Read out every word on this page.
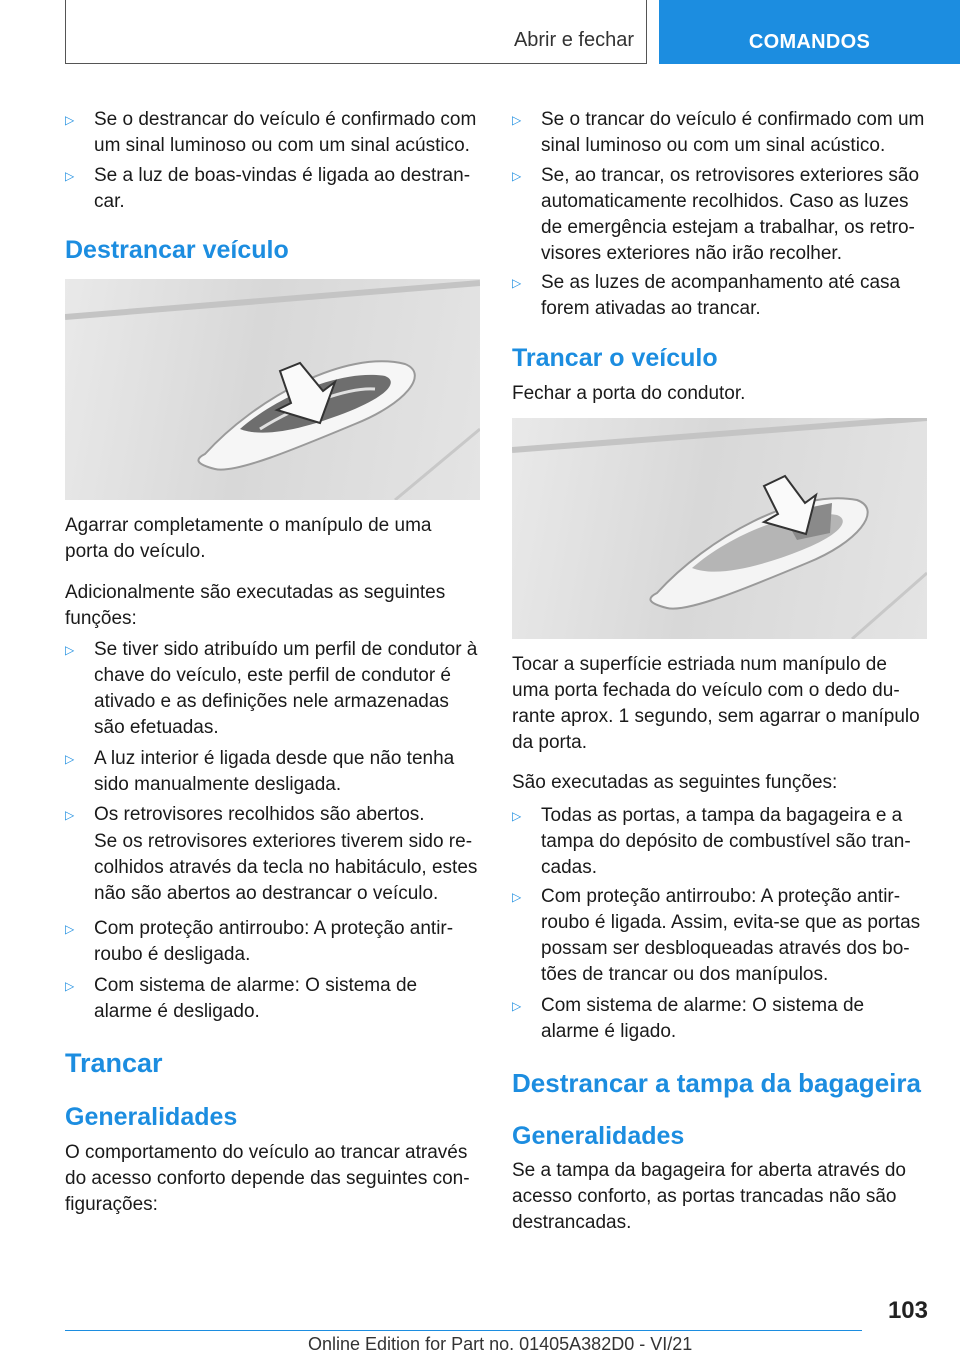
Abrir e fechar	COMANDOS
▷ Se o destrancar do veículo é confirmado com um sinal luminoso ou com um sinal acústico.
▷ Se a luz de boas-vindas é ligada ao destrancar.
Destrancar veículo
Agarrar completamente o manípulo de uma porta do veículo.
Adicionalmente são executadas as seguintes funções:
▷ Se tiver sido atribuído um perfil de condutor à chave do veículo, este perfil de condutor é ativado e as definições nele armazenadas são efetuadas.
▷ A luz interior é ligada desde que não tenha sido manualmente desligada.
▷ Os retrovisores recolhidos são abertos.
Se os retrovisores exteriores tiverem sido recolhidos através da tecla no habitáculo, estes não são abertos ao destrancar o veículo.
▷ Com proteção antirroubo: A proteção antirroubo é desligada.
▷ Com sistema de alarme: O sistema de alarme é desligado.
Trancar
Generalidades
O comportamento do veículo ao trancar através do acesso conforto depende das seguintes configurações:
▷ Se o trancar do veículo é confirmado com um sinal luminoso ou com um sinal acústico.
▷ Se, ao trancar, os retrovisores exteriores são automaticamente recolhidos. Caso as luzes de emergência estejam a trabalhar, os retrovisores exteriores não irão recolher.
▷ Se as luzes de acompanhamento até casa forem ativadas ao trancar.
Trancar o veículo
Fechar a porta do condutor.
Tocar a superfície estriada num manípulo de uma porta fechada do veículo com o dedo durante aprox. 1 segundo, sem agarrar o manípulo da porta.
São executadas as seguintes funções:
▷ Todas as portas, a tampa da bagageira e a tampa do depósito de combustível são trancadas.
▷ Com proteção antirroubo: A proteção antirroubo é ligada. Assim, evita-se que as portas possam ser desbloqueadas através dos botões de trancar ou dos manípulos.
▷ Com sistema de alarme: O sistema de alarme é ligado.
Destrancar a tampa da bagageira
Generalidades
Se a tampa da bagageira for aberta através do acesso conforto, as portas trancadas não são destrancadas.
103
Online Edition for Part no. 01405A382D0 - VI/21
